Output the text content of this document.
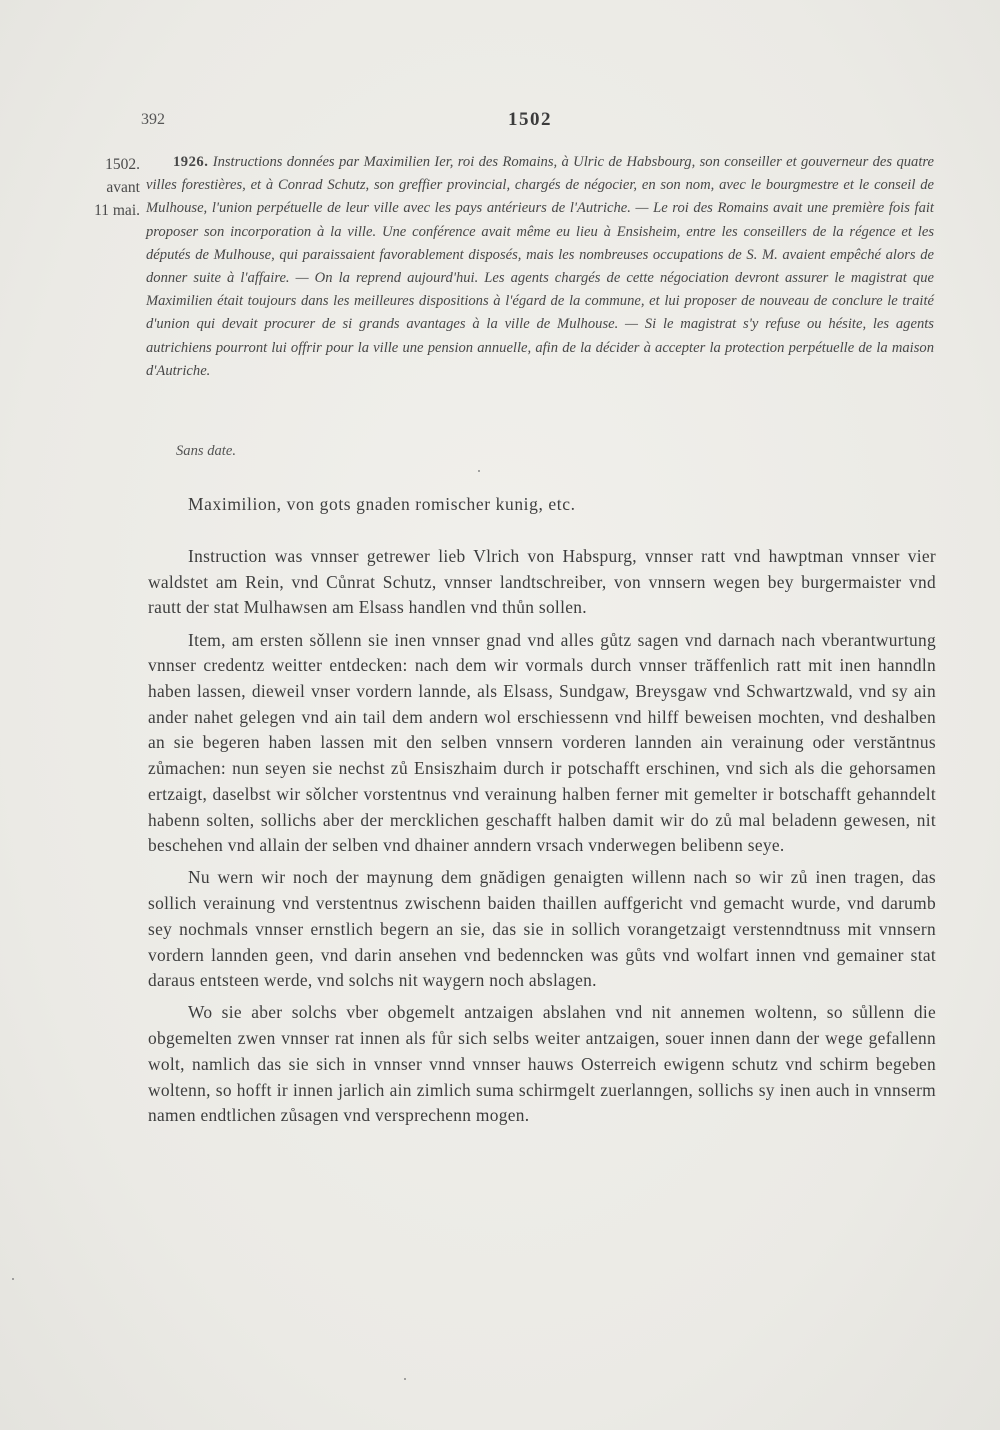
392	1502
1502.
avant
11 mai.

1926. Instructions données par Maximilien Ier, roi des Romains, à Ulric de Habsbourg, son conseiller et gouverneur des quatre villes forestières, et à Conrad Schutz, son greffier provincial, chargés de négocier, en son nom, avec le bourgmestre et le conseil de Mulhouse, l'union perpétuelle de leur ville avec les pays antérieurs de l'Autriche. — Le roi des Romains avait une première fois fait proposer son incorporation à la ville. Une conférence avait même eu lieu à Ensisheim, entre les conseillers de la régence et les députés de Mulhouse, qui paraissaient favorablement disposés, mais les nombreuses occupations de S. M. avaient empêché alors de donner suite à l'affaire. — On la reprend aujourd'hui. Les agents chargés de cette négociation devront assurer le magistrat que Maximilien était toujours dans les meilleures dispositions à l'égard de la commune, et lui proposer de nouveau de conclure le traité d'union qui devait procurer de si grands avantages à la ville de Mulhouse. — Si le magistrat s'y refuse ou hésite, les agents autrichiens pourront lui offrir pour la ville une pension annuelle, afin de la décider à accepter la protection perpétuelle de la maison d'Autriche.

Sans date.

Maximilion, von gots gnaden romischer kunig, etc.

Instruction was vnnser getrewer lieb Vlrich von Habspurg, vnnser ratt vnd hawptman vnnser vier waldstet am Rein, vnd Cůnrat Schutz, vnnser landtschreiber, von vnnsern wegen bey burgermaister vnd rautt der stat Mulhawsen am Elsass handlen vnd thůn sollen.

Item, am ersten sǒllenn sie inen vnnser gnad vnd alles gůtz sagen vnd darnach nach vberantwurtung vnnser credentz weitter entdecken: nach dem wir vormals durch vnnser trăffenlich ratt mit inen hanndln haben lassen, dieweil vnser vordern lannde, als Elsass, Sundgaw, Breysgaw vnd Schwartzwald, vnd sy ain ander nahet gelegen vnd ain tail dem andern wol erschiessenn vnd hilff beweisen mochten, vnd deshalben an sie begeren haben lassen mit den selben vnnsern vorderen lannden ain verainung oder verstăntnus zůmachen: nun seyen sie nechst zů Ensiszhaim durch ir potschafft erschinen, vnd sich als die gehorsamen ertzaigt, daselbst wir sǒlcher vorstentnus vnd verainung halben ferner mit gemelter ir botschafft gehanndelt habenn solten, sollichs aber der mercklichen geschafft halben damit wir do zů mal beladenn gewesen, nit beschehen vnd allain der selben vnd dhainer anndern vrsach vnderwegen belibenn seye.

Nu wern wir noch der maynung dem gnădigen genaigten willenn nach so wir zů inen tragen, das sollich verainung vnd verstentnus zwischenn baiden thaillen auffgericht vnd gemacht wurde, vnd darumb sey nochmals vnnser ernstlich begern an sie, das sie in sollich vorangetzaigt verstenndtnuss mit vnnsern vordern lannden geen, vnd darin ansehen vnd bedenncken was gůts vnd wolfart innen vnd gemainer stat daraus entsteen werde, vnd solchs nit waygern noch abslagen.

Wo sie aber solchs vber obgemelt antzaigen abslahen vnd nit annemen woltenn, so sůllenn die obgemelten zwen vnnser rat innen als fůr sich selbs weiter antzaigen, souer innen dann der wege gefallenn wolt, namlich das sie sich in vnnser vnnd vnnser hauws Osterreich ewigenn schutz vnd schirm begeben woltenn, so hofft ir innen jarlich ain zimlich suma schirmgelt zuerlanngen, sollichs sy inen auch in vnnserm namen endtlichen zůsagen vnd versprechenn mogen.
